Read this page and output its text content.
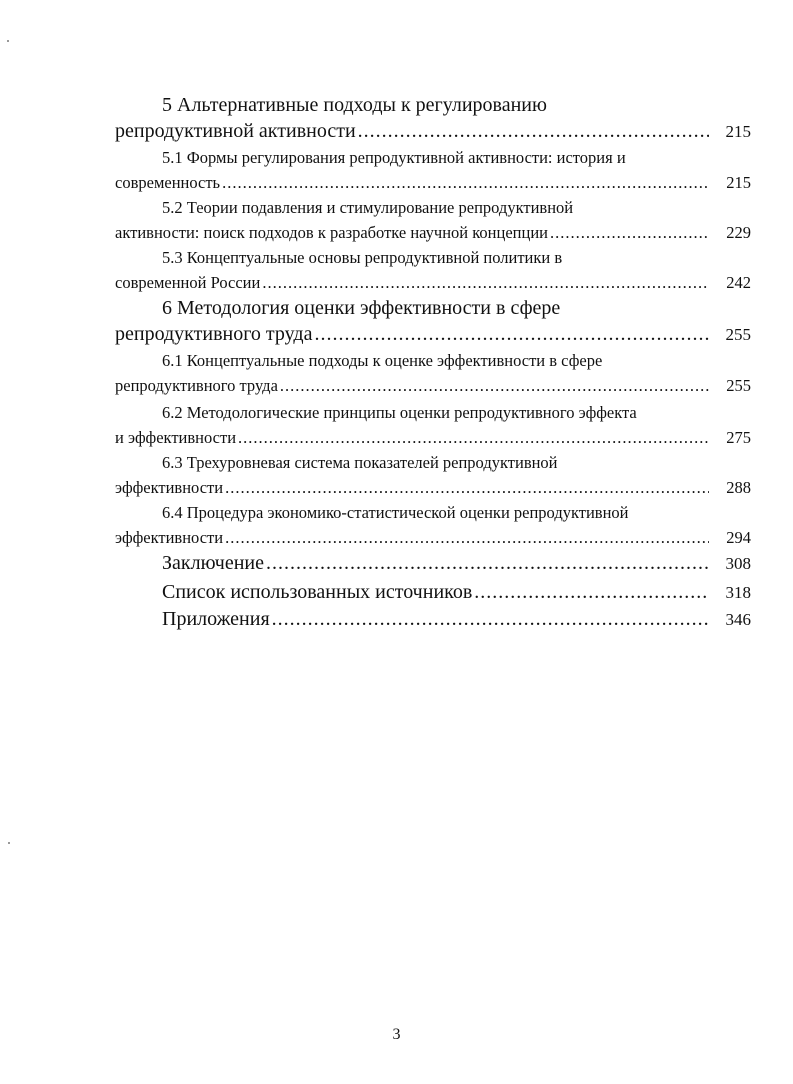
5 Альтернативные подходы к регулированию
репродуктивной активности .....	215
5.1 Формы регулирования репродуктивной активности: история и
современность .....	215
5.2 Теории подавления и стимулирование репродуктивной
активности: поиск подходов к разработке научной концепции .....	229
5.3 Концептуальные основы репродуктивной политики в
современной России .....	242
6 Методология оценки эффективности в сфере
репродуктивного труда .....	255
6.1 Концептуальные подходы к оценке эффективности в сфере
репродуктивного труда .....	255
6.2 Методологические принципы оценки репродуктивного эффекта
и эффективности .....	275
6.3 Трехуровневая система показателей репродуктивной
эффективности .....	288
6.4 Процедура экономико-статистической оценки репродуктивной
эффективности .....	294
Заключение .....	308
Список использованных источников .....	318
Приложения .....	346
3
